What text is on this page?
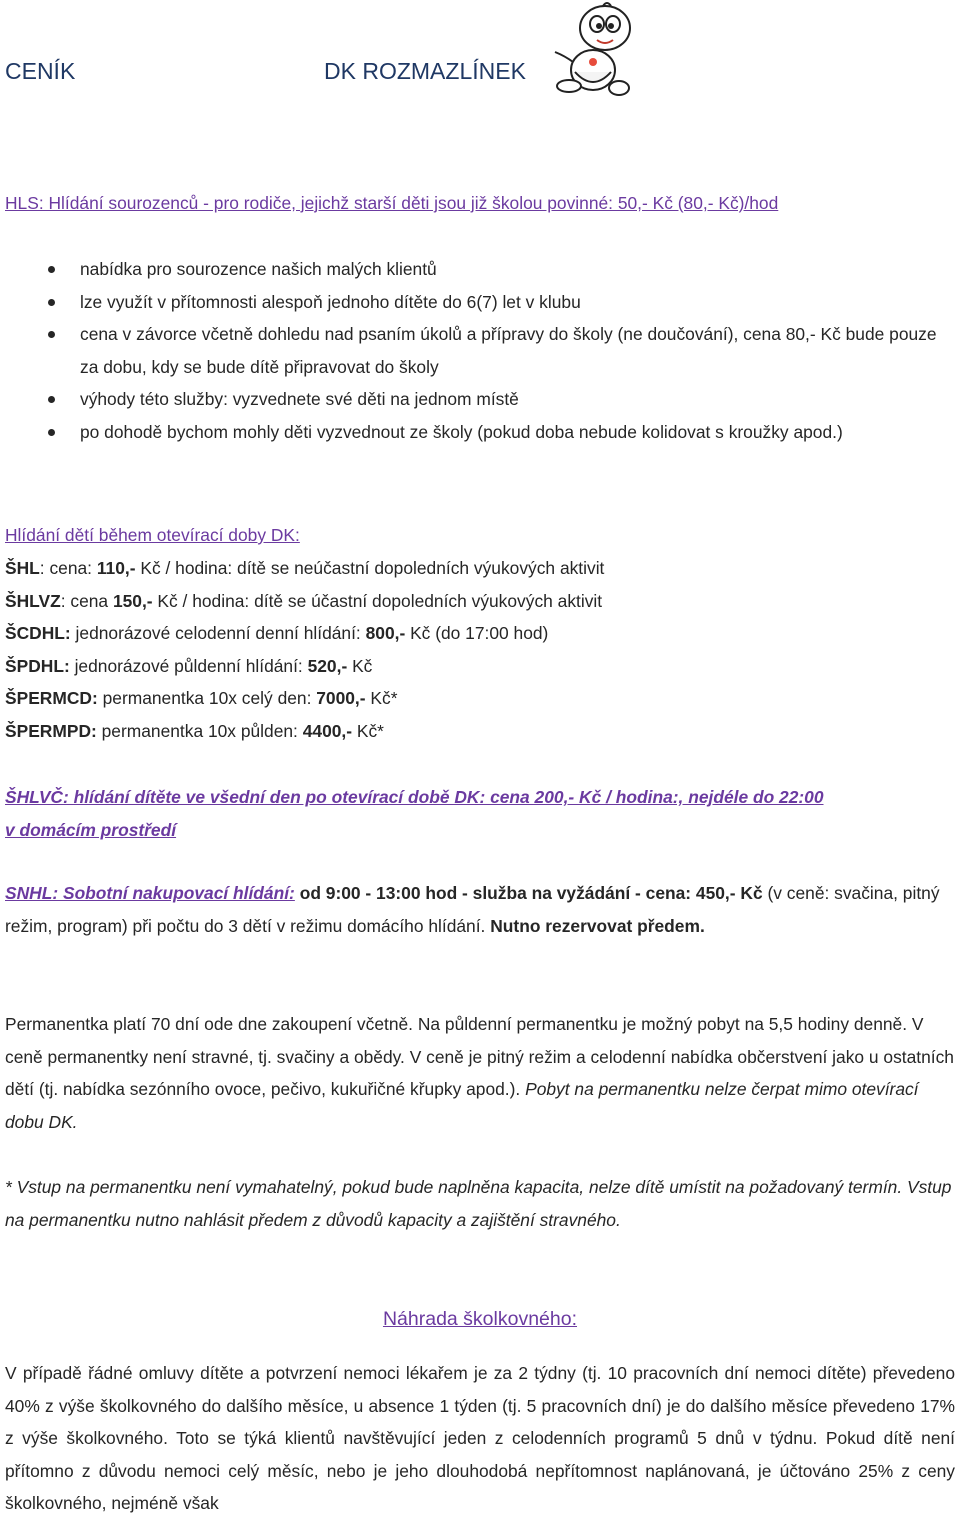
CENÍK	DK ROZMAZLÍNEK
HLS: Hlídání sourozenců - pro rodiče, jejichž starší děti jsou již školou povinné: 50,- Kč (80,- Kč)/hod
nabídka pro sourozence našich malých klientů
lze využít v přítomnosti alespoň jednoho dítěte do 6(7) let v klubu
cena v závorce včetně dohledu nad psaním úkolů a přípravy do školy (ne doučování), cena 80,- Kč bude pouze za dobu, kdy se bude dítě připravovat do školy
výhody této služby: vyzvednete své děti na jednom místě
po dohodě bychom mohly děti vyzvednout ze školy (pokud doba nebude kolidovat s kroužky apod.)
Hlídání dětí během otevírací doby DK:
ŠHL: cena: 110,- Kč / hodina: dítě se neúčastní dopoledních výukových aktivit
ŠHLVZ: cena 150,- Kč / hodina: dítě se účastní dopoledních výukových aktivit
ŠCDHL: jednorázové celodenní denní hlídání: 800,- Kč (do 17:00 hod)
ŠPDHL: jednorázové půldenní hlídání: 520,- Kč
ŠPERMCD: permanentka 10x celý den: 7000,- Kč*
ŠPERMPD: permanentka 10x půlden: 4400,- Kč*
ŠHLVČ: hlídání dítěte ve všední den po otevírací době DK: cena 200,- Kč / hodina:, nejdéle do 22:00
v domácím prostředí
SNHL: Sobotní nakupovací hlídání: od 9:00 - 13:00 hod - služba na vyžádání - cena: 450,- Kč (v ceně: svačina, pitný režim, program) při počtu do 3 dětí v režimu domácího hlídání. Nutno rezervovat předem.
Permanentka platí 70 dní ode dne zakoupení včetně. Na půldenní permanentku je možný pobyt na 5,5 hodiny denně. V ceně permanentky není stravné, tj. svačiny a obědy. V ceně je pitný režim a celodenní nabídka občerstvení jako u ostatních dětí (tj. nabídka sezónního ovoce, pečivo, kukuřičné křupky apod.). Pobyt na permanentku nelze čerpat mimo otevírací dobu DK.
* Vstup na permanentku není vymahatelný, pokud bude naplněna kapacita, nelze dítě umístit na požadovaný termín. Vstup na permanentku nutno nahlásit předem z důvodů kapacity a zajištění stravného.
Náhrada školkovného:
V případě řádné omluvy dítěte a potvrzení nemoci lékařem je za 2 týdny (tj. 10 pracovních dní nemoci dítěte) převedeno 40% z výše školkovného do dalšího měsíce, u absence 1 týden (tj. 5 pracovních dní) je do dalšího měsíce převedeno 17% z výše školkovného. Toto se týká klientů navštěvující jeden z celodenních programů 5 dnů v týdnu. Pokud dítě není přítomno z důvodu nemoci celý měsíc, nebo je jeho dlouhodobá nepřítomnost naplánovaná, je účtováno 25% z ceny školkovného, nejméně však
